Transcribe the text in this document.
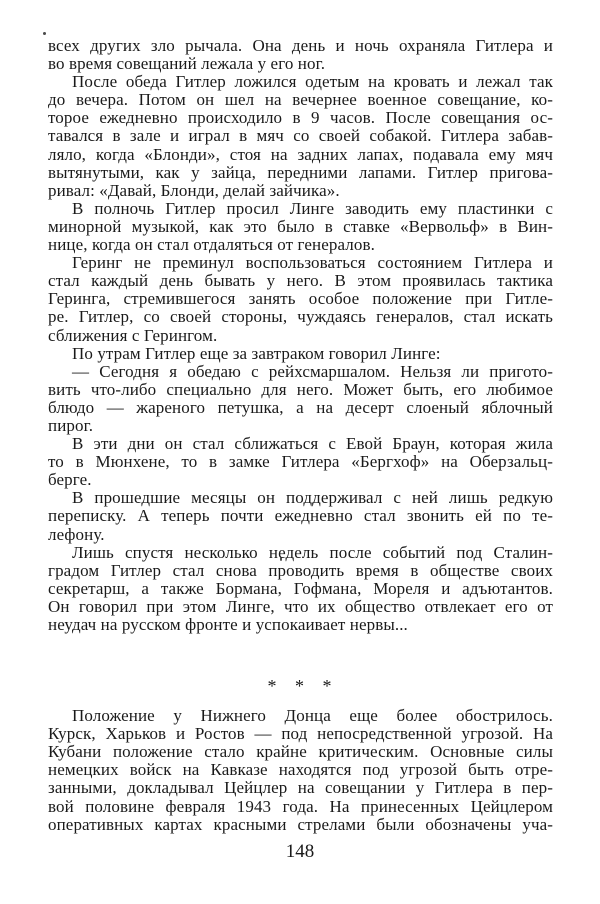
всех других зло рычала. Она день и ночь охраняла Гитлера и
во время совещаний лежала у его ног.
После обеда Гитлер ложился одетым на кровать и лежал так
до вечера. Потом он шел на вечернее военное совещание, ко-
торое ежедневно происходило в 9 часов. После совещания ос-
тавался в зале и играл в мяч со своей собакой. Гитлера забав-
ляло, когда «Блонди», стоя на задних лапах, подавала ему мяч
вытянутыми, как у зайца, передними лапами. Гитлер пригова-
ривал: «Давай, Блонди, делай зайчика».
В полночь Гитлер просил Линге заводить ему пластинки с
минорной музыкой, как это было в ставке «Вервольф» в Вин-
нице, когда он стал отдаляться от генералов.
Геринг не преминул воспользоваться состоянием Гитлера и
стал каждый день бывать у него. В этом проявилась тактика
Геринга, стремившегося занять особое положение при Гитле-
ре. Гитлер, со своей стороны, чуждаясь генералов, стал искать
сближения с Герингом.
По утрам Гитлер еще за завтраком говорил Линге:
— Сегодня я обедаю с рейхсмаршалом. Нельзя ли пригото-
вить что-либо специально для него. Может быть, его любимое
блюдо — жареного петушка, а на десерт слоеный яблочный
пирог.
В эти дни он стал сближаться с Евой Браун, которая жила
то в Мюнхене, то в замке Гитлера «Бергхоф» на Оберзальц-
берге.
В прошедшие месяцы он поддерживал с ней лишь редкую
переписку. А теперь почти ежедневно стал звонить ей по те-
лефону.
Лишь спустя несколько недель после событий под Сталин-
градом Гитлер стал снова проводить время в обществе своих
секретарш, а также Бормана, Гофмана, Мореля и адъютантов.
Он говорил при этом Линге, что их общество отвлекает его от
неудач на русском фронте и успокаивает нервы...
* * *
Положение у Нижнего Донца еще более обострилось.
Курск, Харьков и Ростов — под непосредственной угрозой. На
Кубани положение стало крайне критическим. Основные силы
немецких войск на Кавказе находятся под угрозой быть отре-
занными, докладывал Цейцлер на совещании у Гитлера в пер-
вой половине февраля 1943 года. На принесенных Цейцлером
оперативных картах красными стрелами были обозначены уча-
148
